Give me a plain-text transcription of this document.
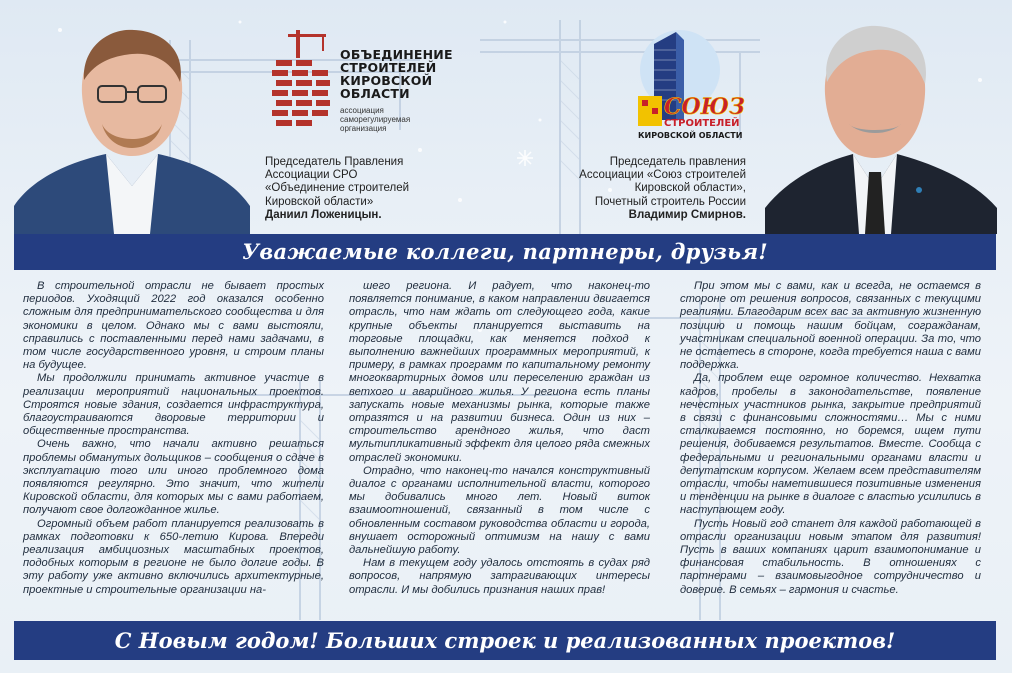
ОБЪЕДИНЕНИЕ
СТРОИТЕЛЕЙ
КИРОВСКОЙ
ОБЛАСТИ
ассоциация
саморегулируемая
организация
СОЮЗ
СТРОИТЕЛЕЙ
КИРОВСКОЙ ОБЛАСТИ
Председатель Правления
Ассоциации СРО
«Объединение строителей
Кировской области»
Даниил Ложеницын.
Председатель правления
Ассоциации «Союз строителей
Кировской области»,
Почетный строитель России
Владимир Смирнов.
Уважаемые коллеги, партнеры, друзья!

В строительной отрасли не бывает простых периодов. Уходящий 2022 год оказался особенно сложным для предпринимательского сообщества и для экономики в целом. Однако мы с вами выстояли, справились с поставленными перед нами задачами, в том числе государственного уровня, и строим планы на будущее.

Мы продолжили принимать активное участие в реализации мероприятий национальных проектов. Строятся новые здания, создается инфраструктура, благоустраиваются дворовые территории и общественные пространства.

Очень важно, что начали активно решаться проблемы обманутых дольщиков – сообщения о сдаче в эксплуатацию того или иного проблемного дома появляются регулярно. Это значит, что жители Кировской области, для которых мы с вами работаем, получают свое долгожданное жилье.

Огромный объем работ планируется реализовать в рамках подготовки к 650-летию Кирова. Впереди реализация амбициозных масштабных проектов, подобных которым в регионе не было долгие годы. В эту работу уже активно включились архитектурные, проектные и строительные организации на-

шего региона. И радует, что наконец-то появляется понимание, в каком направлении двигается отрасль, что нам ждать от следующего года, какие крупные объекты планируется выставить на торговые площадки, как меняется подход к выполнению важнейших программных мероприятий, к примеру, в рамках программ по капитальному ремонту многоквартирных домов или переселению граждан из ветхого и аварийного жилья. У региона есть планы запускать новые механизмы рынка, которые также отразятся и на развитии бизнеса. Один из них – строительство арендного жилья, что даст мультипликативный эффект для целого ряда смежных отраслей экономики.

Отрадно, что наконец-то начался конструктивный диалог с органами исполнительной власти, которого мы добивались много лет. Новый виток взаимоотношений, связанный в том числе с обновленным составом руководства области и города, внушает осторожный оптимизм на нашу с вами дальнейшую работу.

Нам в текущем году удалось отстоять в судах ряд вопросов, напрямую затрагивающих интересы отрасли. И мы добились признания наших прав!

При этом мы с вами, как и всегда, не остаемся в стороне от решения вопросов, связанных с текущими реалиями. Благодарим всех вас за активную жизненную позицию и помощь нашим бойцам, согражданам, участникам специальной военной операции. За то, что не остаетесь в стороне, когда требуется наша с вами поддержка.

Да, проблем еще огромное количество. Нехватка кадров, пробелы в законодательстве, появление нечестных участников рынка, закрытие предприятий в связи с финансовыми сложностями… Мы с ними сталкиваемся постоянно, но боремся, ищем пути решения, добиваемся результатов. Вместе. Сообща с федеральными и региональными органами власти и депутатским корпусом. Желаем всем представителям отрасли, чтобы наметившиеся позитивные изменения и тенденции на рынке в диалоге с властью усилились в наступающем году.

Пусть Новый год станет для каждой работающей в отрасли организации новым этапом для развития! Пусть в ваших компаниях царит взаимопонимание и финансовая стабильность. В отношениях с партнерами – взаимовыгодное сотрудничество и доверие. В семьях – гармония и счастье.

С Новым годом! Больших строек и реализованных проектов!
